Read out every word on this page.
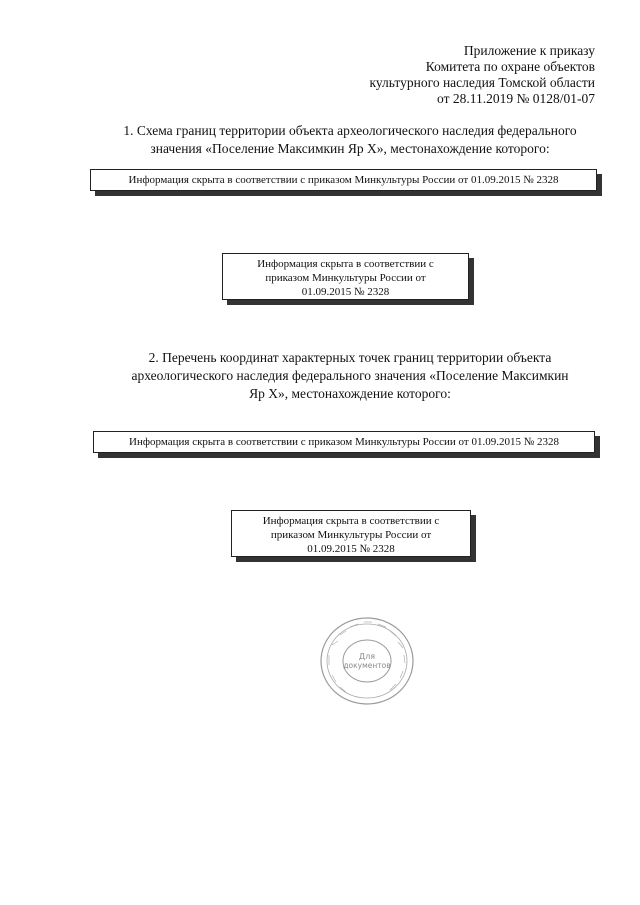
Приложение к приказу
Комитета по охране объектов
культурного наследия Томской области
от 28.11.2019 № 0128/01-07
1. Схема границ территории объекта археологического наследия федерального
значения «Поселение Максимкин Яр X», местонахождение которого:
Информация скрыта в соответствии с приказом Минкультуры России от 01.09.2015 № 2328
Информация скрыта в соответствии с
приказом Минкультуры России от
01.09.2015 № 2328
2. Перечень координат характерных точек границ территории объекта
археологического наследия федерального значения «Поселение Максимкин
Яр X», местонахождение которого:
Информация скрыта в соответствии с приказом Минкультуры России от 01.09.2015 № 2328
Информация скрыта в соответствии с
приказом Минкультуры России от
01.09.2015 № 2328
Для
документов
